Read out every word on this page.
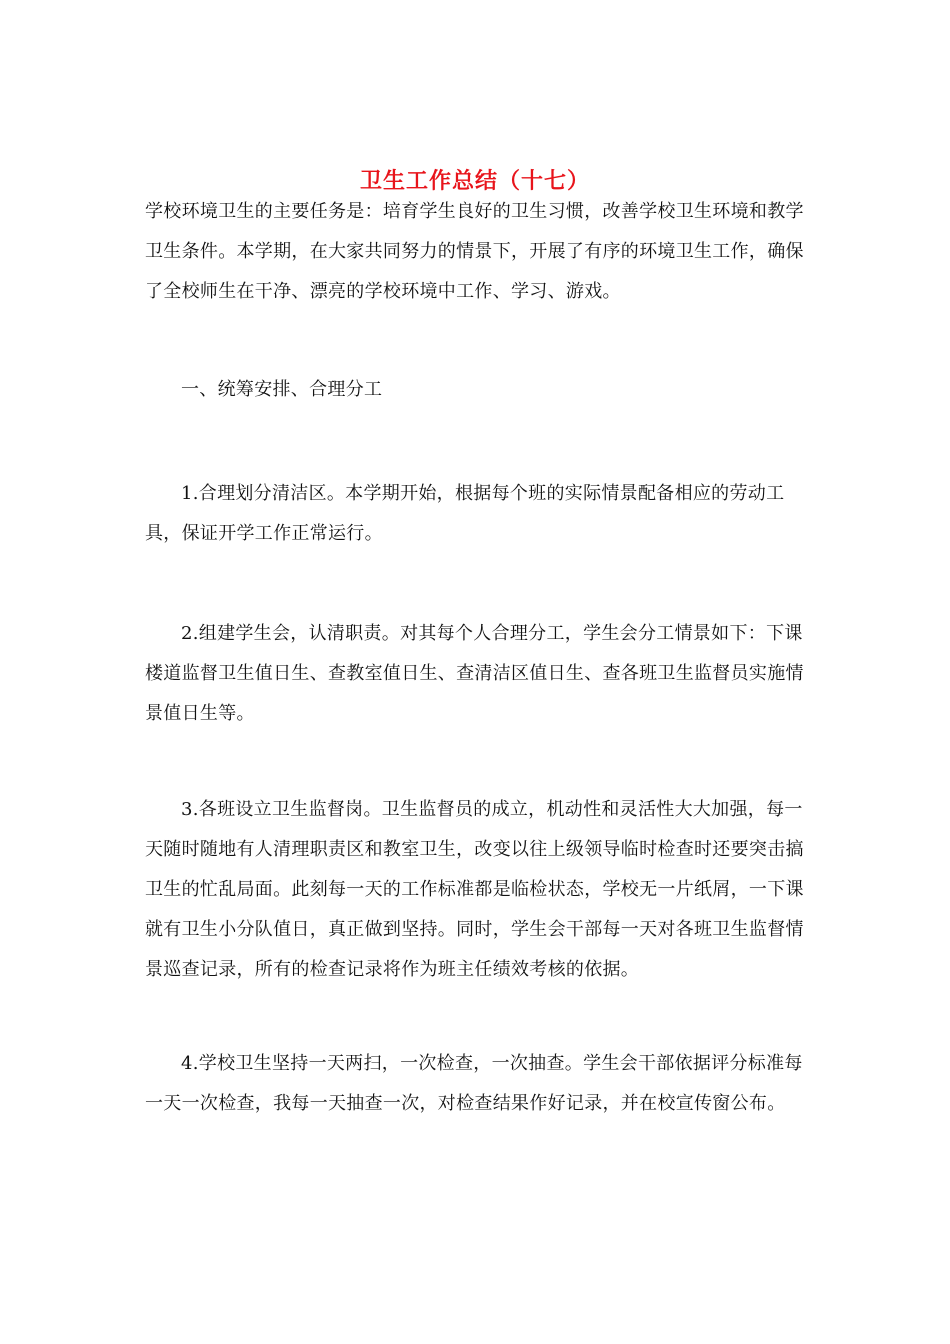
卫生工作总结（十七）

学校环境卫生的主要任务是：培育学生良好的卫生习惯，改善学校卫生环境和教学卫生条件。本学期，在大家共同努力的情景下，开展了有序的环境卫生工作，确保了全校师生在干净、漂亮的学校环境中工作、学习、游戏。

一、统筹安排、合理分工

1.合理划分清洁区。本学期开始，根据每个班的实际情景配备相应的劳动工具，保证开学工作正常运行。

2.组建学生会，认清职责。对其每个人合理分工，学生会分工情景如下：下课楼道监督卫生值日生、查教室值日生、查清洁区值日生、查各班卫生监督员实施情景值日生等。

3.各班设立卫生监督岗。卫生监督员的成立，机动性和灵活性大大加强，每一天随时随地有人清理职责区和教室卫生，改变以往上级领导临时检查时还要突击搞卫生的忙乱局面。此刻每一天的工作标准都是临检状态，学校无一片纸屑，一下课就有卫生小分队值日，真正做到坚持。同时，学生会干部每一天对各班卫生监督情景巡查记录，所有的检查记录将作为班主任绩效考核的依据。

4.学校卫生坚持一天两扫，一次检查，一次抽查。学生会干部依据评分标准每一天一次检查，我每一天抽查一次，对检查结果作好记录，并在校宣传窗公布。
